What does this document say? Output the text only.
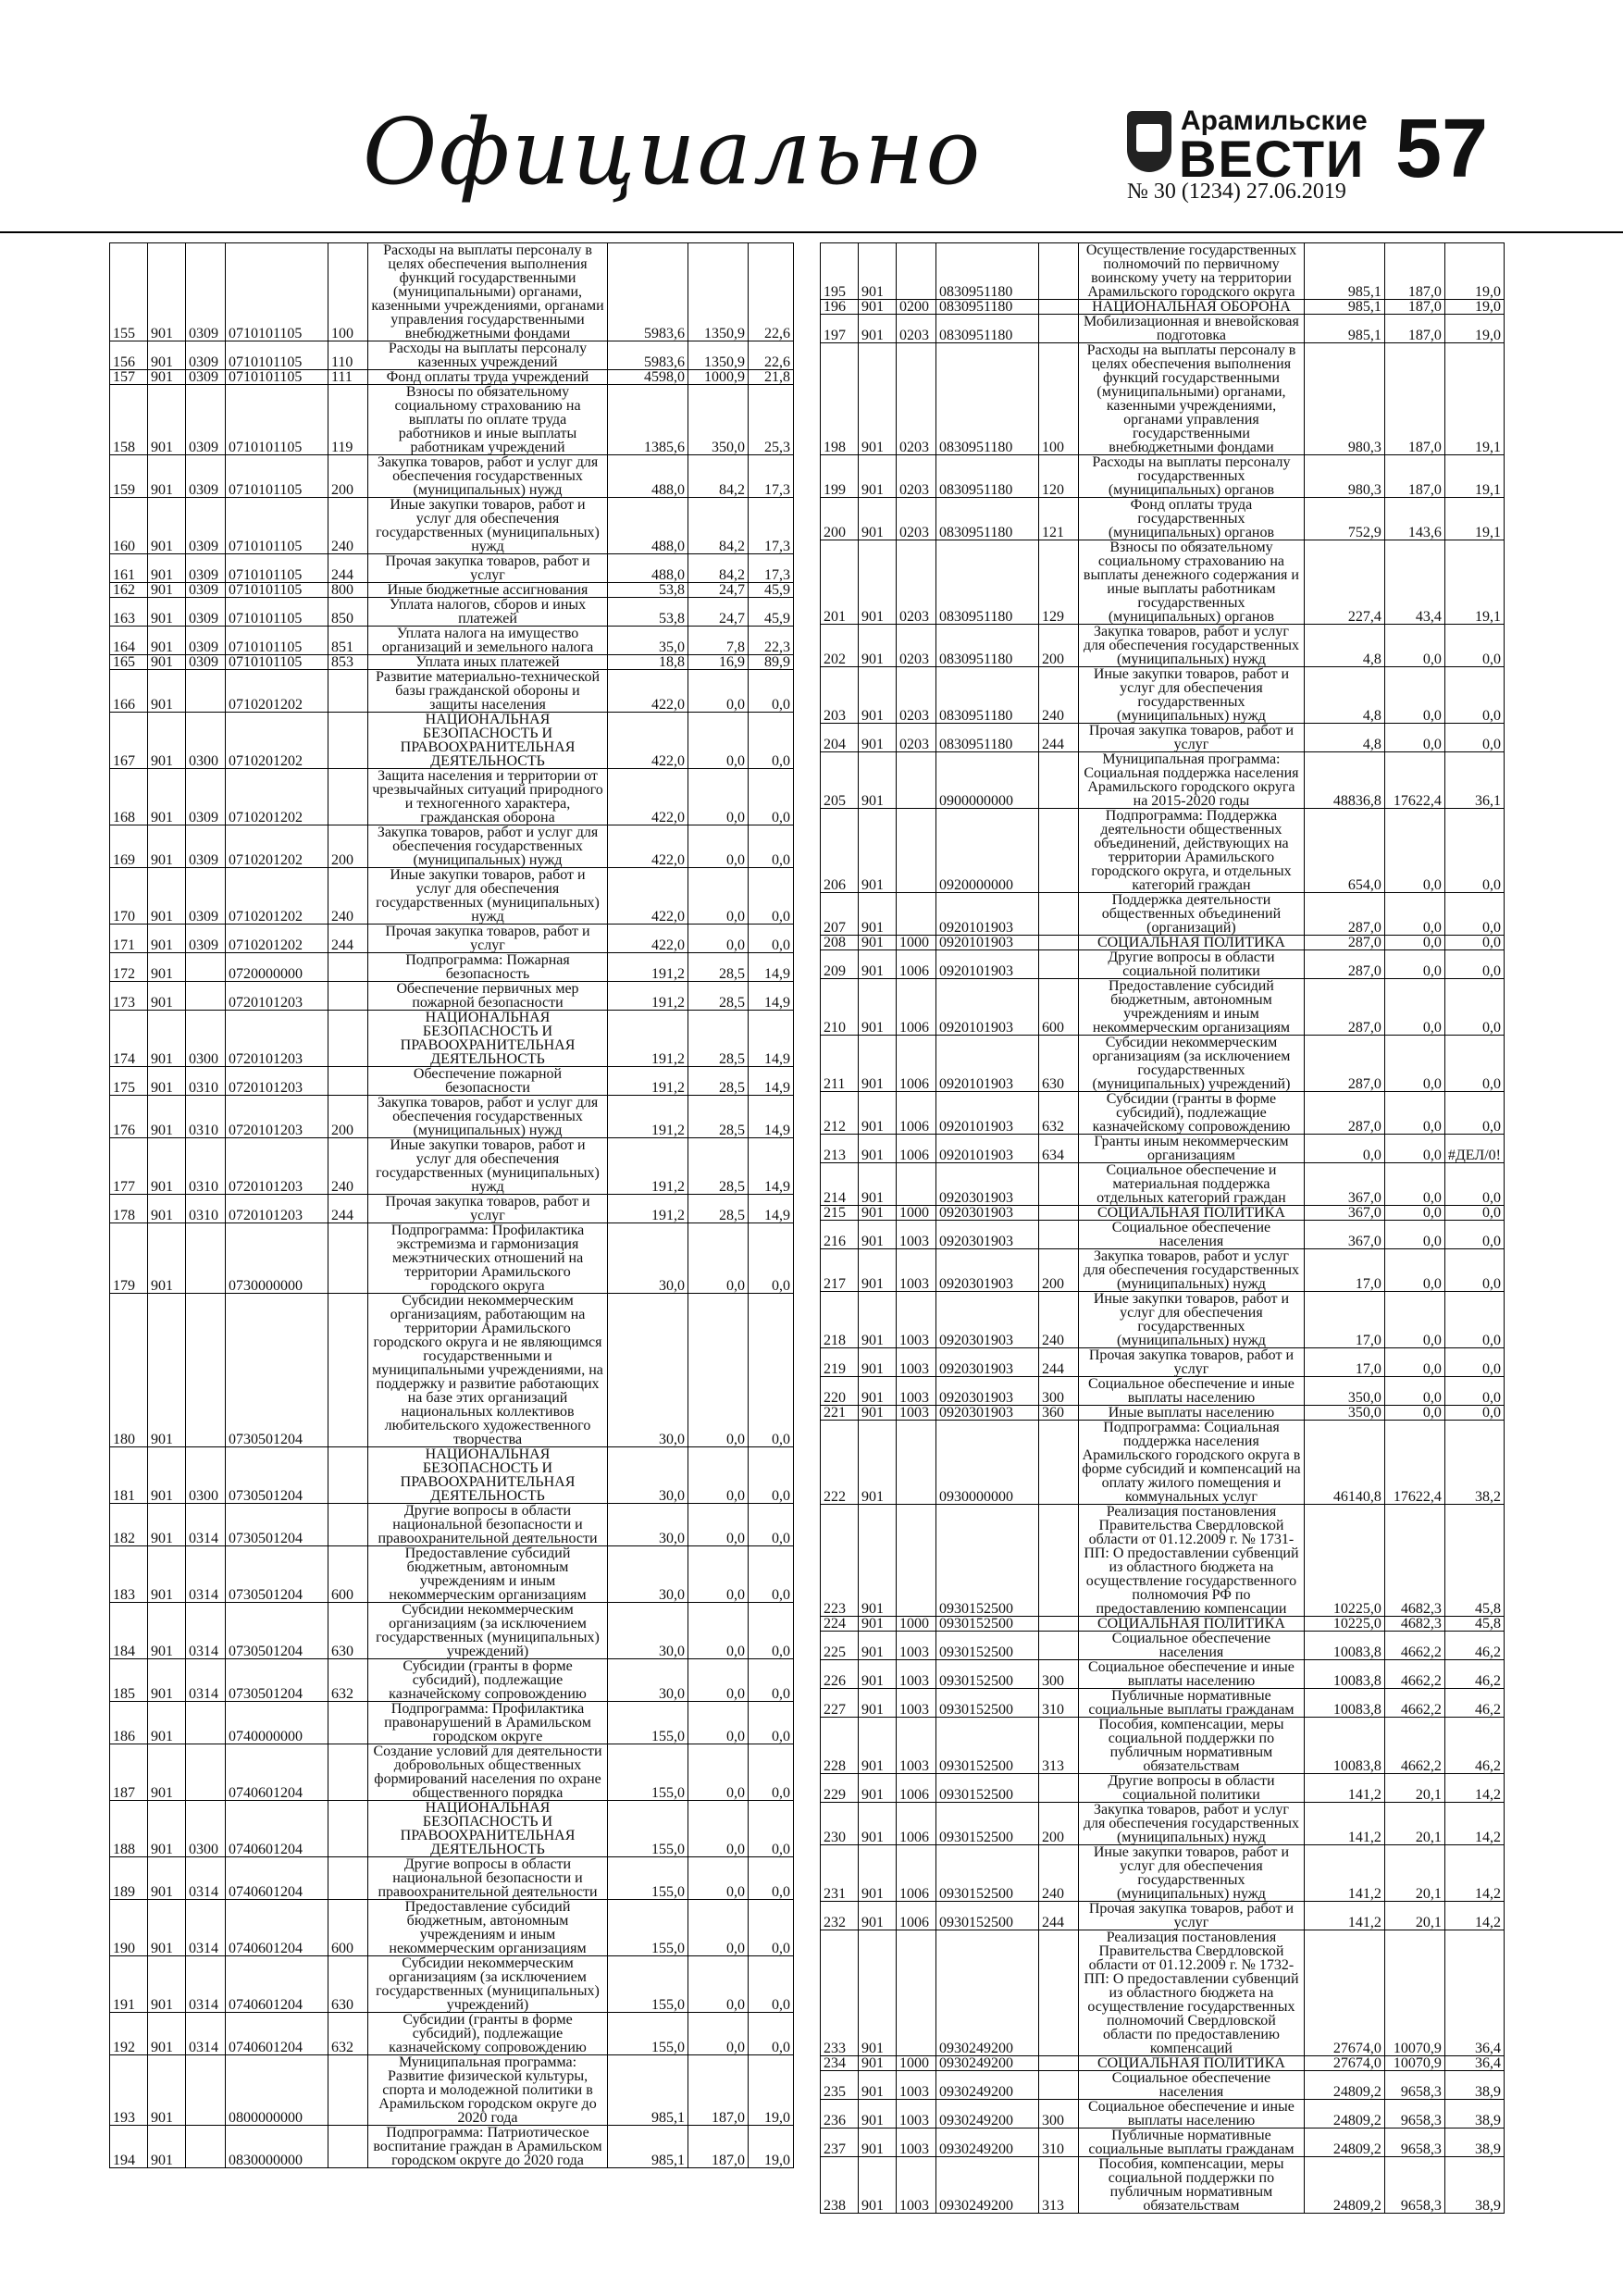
Официально	Арамильские
ВЕСТИ 57
№ 30 (1234) 27.06.2019
155	901	0309	0710101105	100	Расходы на выплаты персоналу в целях обеспечения выполнения функций государственными (муниципальными) органами, казенными учреждениями, органами управления государственными внебюджетными фондами	5983,6	1350,9	22,6
156	901	0309	0710101105	110	Расходы на выплаты персоналу казенных учреждений	5983,6	1350,9	22,6
157	901	0309	0710101105	111	Фонд оплаты труда учреждений	4598,0	1000,9	21,8
158	901	0309	0710101105	119	Взносы по обязательному социальному страхованию на выплаты по оплате труда работников и иные выплаты работникам учреждений	1385,6	350,0	25,3
159	901	0309	0710101105	200	Закупка товаров, работ и услуг для обеспечения государственных (муниципальных) нужд	488,0	84,2	17,3
160	901	0309	0710101105	240	Иные закупки товаров, работ и услуг для обеспечения государственных (муниципальных) нужд	488,0	84,2	17,3
161	901	0309	0710101105	244	Прочая закупка товаров, работ и услуг	488,0	84,2	17,3
162	901	0309	0710101105	800	Иные бюджетные ассигнования	53,8	24,7	45,9
163	901	0309	0710101105	850	Уплата налогов, сборов и иных платежей	53,8	24,7	45,9
164	901	0309	0710101105	851	Уплата налога на имущество организаций и земельного налога	35,0	7,8	22,3
165	901	0309	0710101105	853	Уплата иных платежей	18,8	16,9	89,9
166	901		0710201202		Развитие материально-технической базы гражданской обороны и защиты населения	422,0	0,0	0,0
167	901	0300	0710201202		НАЦИОНАЛЬНАЯ БЕЗОПАСНОСТЬ И ПРАВООХРАНИТЕЛЬНАЯ ДЕЯТЕЛЬНОСТЬ	422,0	0,0	0,0
168	901	0309	0710201202		Защита населения и территории от чрезвычайных ситуаций природного и техногенного характера, гражданская оборона	422,0	0,0	0,0
169	901	0309	0710201202	200	Закупка товаров, работ и услуг для обеспечения государственных (муниципальных) нужд	422,0	0,0	0,0
170	901	0309	0710201202	240	Иные закупки товаров, работ и услуг для обеспечения государственных (муниципальных) нужд	422,0	0,0	0,0
171	901	0309	0710201202	244	Прочая закупка товаров, работ и услуг	422,0	0,0	0,0
172	901		0720000000		Подпрограмма: Пожарная безопасность	191,2	28,5	14,9
173	901		0720101203		Обеспечение первичных мер пожарной безопасности	191,2	28,5	14,9
174	901	0300	0720101203		НАЦИОНАЛЬНАЯ БЕЗОПАСНОСТЬ И ПРАВООХРАНИТЕЛЬНАЯ ДЕЯТЕЛЬНОСТЬ	191,2	28,5	14,9
175	901	0310	0720101203		Обеспечение пожарной безопасности	191,2	28,5	14,9
176	901	0310	0720101203	200	Закупка товаров, работ и услуг для обеспечения государственных (муниципальных) нужд	191,2	28,5	14,9
177	901	0310	0720101203	240	Иные закупки товаров, работ и услуг для обеспечения государственных (муниципальных) нужд	191,2	28,5	14,9
178	901	0310	0720101203	244	Прочая закупка товаров, работ и услуг	191,2	28,5	14,9
179	901		0730000000		Подпрограмма: Профилактика экстремизма и гармонизация межэтнических отношений на территории Арамильского городского округа	30,0	0,0	0,0
180	901		0730501204		Субсидии некоммерческим организациям, работающим на территории Арамильского городского округа и не являющимся государственными и муниципальными учреждениями, на поддержку и развитие работающих на базе этих организаций национальных коллективов любительского художественного творчества	30,0	0,0	0,0
181	901	0300	0730501204		НАЦИОНАЛЬНАЯ БЕЗОПАСНОСТЬ И ПРАВООХРАНИТЕЛЬНАЯ ДЕЯТЕЛЬНОСТЬ	30,0	0,0	0,0
182	901	0314	0730501204		Другие вопросы в области национальной безопасности и правоохранительной деятельности	30,0	0,0	0,0
183	901	0314	0730501204	600	Предоставление субсидий бюджетным, автономным учреждениям и иным некоммерческим организациям	30,0	0,0	0,0
184	901	0314	0730501204	630	Субсидии некоммерческим организациям (за исключением государственных (муниципальных) учреждений)	30,0	0,0	0,0
185	901	0314	0730501204	632	Субсидии (гранты в форме субсидий), подлежащие казначейскому сопровождению	30,0	0,0	0,0
186	901		0740000000		Подпрограмма: Профилактика правонарушений в Арамильском городском округе	155,0	0,0	0,0
187	901		0740601204		Создание условий для деятельности добровольных общественных формирований населения по охране общественного порядка	155,0	0,0	0,0
188	901	0300	0740601204		НАЦИОНАЛЬНАЯ БЕЗОПАСНОСТЬ И ПРАВООХРАНИТЕЛЬНАЯ ДЕЯТЕЛЬНОСТЬ	155,0	0,0	0,0
189	901	0314	0740601204		Другие вопросы в области национальной безопасности и правоохранительной деятельности	155,0	0,0	0,0
190	901	0314	0740601204	600	Предоставление субсидий бюджетным, автономным учреждениям и иным некоммерческим организациям	155,0	0,0	0,0
191	901	0314	0740601204	630	Субсидии некоммерческим организациям (за исключением государственных (муниципальных) учреждений)	155,0	0,0	0,0
192	901	0314	0740601204	632	Субсидии (гранты в форме субсидий), подлежащие казначейскому сопровождению	155,0	0,0	0,0
193	901		0800000000		Муниципальная программа: Развитие физической культуры, спорта и молодежной политики в Арамильском городском округе до 2020 года	985,1	187,0	19,0
194	901		0830000000		Подпрограмма: Патриотическое воспитание граждан в Арамильском городском округе до 2020 года	985,1	187,0	19,0
195	901		0830951180		Осуществление государственных полномочий по первичному воинскому учету на территории Арамильского городского округа	985,1	187,0	19,0
196	901	0200	0830951180		НАЦИОНАЛЬНАЯ ОБОРОНА	985,1	187,0	19,0
197	901	0203	0830951180		Мобилизационная и вневойсковая подготовка	985,1	187,0	19,0
198	901	0203	0830951180	100	Расходы на выплаты персоналу в целях обеспечения выполнения функций государственными (муниципальными) органами, казенными учреждениями, органами управления государственными внебюджетными фондами	980,3	187,0	19,1
199	901	0203	0830951180	120	Расходы на выплаты персоналу государственных (муниципальных) органов	980,3	187,0	19,1
200	901	0203	0830951180	121	Фонд оплаты труда государственных (муниципальных) органов	752,9	143,6	19,1
201	901	0203	0830951180	129	Взносы по обязательному социальному страхованию на выплаты денежного содержания и иные выплаты работникам государственных (муниципальных) органов	227,4	43,4	19,1
202	901	0203	0830951180	200	Закупка товаров, работ и услуг для обеспечения государственных (муниципальных) нужд	4,8	0,0	0,0
203	901	0203	0830951180	240	Иные закупки товаров, работ и услуг для обеспечения государственных (муниципальных) нужд	4,8	0,0	0,0
204	901	0203	0830951180	244	Прочая закупка товаров, работ и услуг	4,8	0,0	0,0
205	901		0900000000		Муниципальная программа: Социальная поддержка населения Арамильского городского округа на 2015-2020 годы	48836,8	17622,4	36,1
206	901		0920000000		Подпрограмма: Поддержка деятельности общественных объединений, действующих на территории Арамильского городского округа, и отдельных категорий граждан	654,0	0,0	0,0
207	901		0920101903		Поддержка деятельности общественных объединений (организаций)	287,0	0,0	0,0
208	901	1000	0920101903		СОЦИАЛЬНАЯ ПОЛИТИКА	287,0	0,0	0,0
209	901	1006	0920101903		Другие вопросы в области социальной политики	287,0	0,0	0,0
210	901	1006	0920101903	600	Предоставление субсидий бюджетным, автономным учреждениям и иным некоммерческим организациям	287,0	0,0	0,0
211	901	1006	0920101903	630	Субсидии некоммерческим организациям (за исключением государственных (муниципальных) учреждений)	287,0	0,0	0,0
212	901	1006	0920101903	632	Субсидии (гранты в форме субсидий), подлежащие казначейскому сопровождению	287,0	0,0	0,0
213	901	1006	0920101903	634	Гранты иным некоммерческим организациям	0,0	0,0	#ДЕЛ/0!
214	901		0920301903		Социальное обеспечение и материальная поддержка отдельных категорий граждан	367,0	0,0	0,0
215	901	1000	0920301903		СОЦИАЛЬНАЯ ПОЛИТИКА	367,0	0,0	0,0
216	901	1003	0920301903		Социальное обеспечение населения	367,0	0,0	0,0
217	901	1003	0920301903	200	Закупка товаров, работ и услуг для обеспечения государственных (муниципальных) нужд	17,0	0,0	0,0
218	901	1003	0920301903	240	Иные закупки товаров, работ и услуг для обеспечения государственных (муниципальных) нужд	17,0	0,0	0,0
219	901	1003	0920301903	244	Прочая закупка товаров, работ и услуг	17,0	0,0	0,0
220	901	1003	0920301903	300	Социальное обеспечение и иные выплаты населению	350,0	0,0	0,0
221	901	1003	0920301903	360	Иные выплаты населению	350,0	0,0	0,0
222	901		0930000000		Подпрограмма: Социальная поддержка населения Арамильского городского округа в форме субсидий и компенсаций на оплату жилого помещения и коммунальных услуг	46140,8	17622,4	38,2
223	901		0930152500		Реализация постановления Правительства Свердловской области от 01.12.2009 г. № 1731-ПП: О предоставлении субвенций из областного бюджета на осуществление государственного полномочия РФ по предоставлению компенсации	10225,0	4682,3	45,8
224	901	1000	0930152500		СОЦИАЛЬНАЯ ПОЛИТИКА	10225,0	4682,3	45,8
225	901	1003	0930152500		Социальное обеспечение населения	10083,8	4662,2	46,2
226	901	1003	0930152500	300	Социальное обеспечение и иные выплаты населению	10083,8	4662,2	46,2
227	901	1003	0930152500	310	Публичные нормативные социальные выплаты гражданам	10083,8	4662,2	46,2
228	901	1003	0930152500	313	Пособия, компенсации, меры социальной поддержки по публичным нормативным обязательствам	10083,8	4662,2	46,2
229	901	1006	0930152500		Другие вопросы в области социальной политики	141,2	20,1	14,2
230	901	1006	0930152500	200	Закупка товаров, работ и услуг для обеспечения государственных (муниципальных) нужд	141,2	20,1	14,2
231	901	1006	0930152500	240	Иные закупки товаров, работ и услуг для обеспечения государственных (муниципальных) нужд	141,2	20,1	14,2
232	901	1006	0930152500	244	Прочая закупка товаров, работ и услуг	141,2	20,1	14,2
233	901		0930249200		Реализация постановления Правительства Свердловской области от 01.12.2009 г. № 1732-ПП: О предоставлении субвенций из областного бюджета на осуществление государственных полномочий Свердловской области по предоставлению компенсаций	27674,0	10070,9	36,4
234	901	1000	0930249200		СОЦИАЛЬНАЯ ПОЛИТИКА	27674,0	10070,9	36,4
235	901	1003	0930249200		Социальное обеспечение населения	24809,2	9658,3	38,9
236	901	1003	0930249200	300	Социальное обеспечение и иные выплаты населению	24809,2	9658,3	38,9
237	901	1003	0930249200	310	Публичные нормативные социальные выплаты гражданам	24809,2	9658,3	38,9
238	901	1003	0930249200	313	Пособия, компенсации, меры социальной поддержки по публичным нормативным обязательствам	24809,2	9658,3	38,9
